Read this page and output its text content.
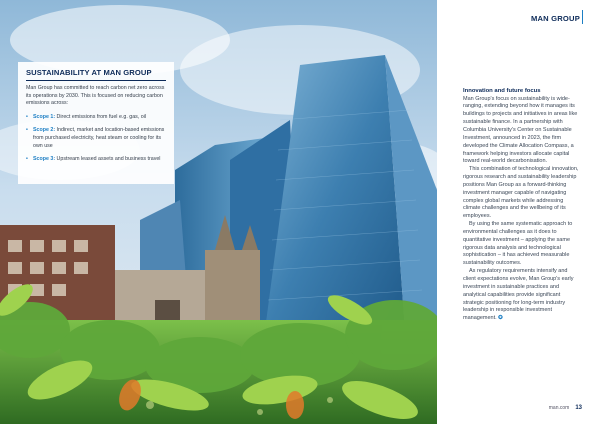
SUSTAINABILITY AT MAN GROUP

Man Group has committed to reach carbon net zero across its operations by 2030. This is focused on reducing carbon emissions across:

• Scope 1: Direct emissions from fuel e.g. gas, oil
• Scope 2: Indirect, market and location-based emissions from purchased electricity, heat steam or cooling for its own use
• Scope 3: Upstream leased assets and business travel
MAN GROUP
Innovation and future focus

Man Group's focus on sustainability is wide-ranging, extending beyond how it manages its buildings to projects and initiatives in areas like sustainable finance. In a partnership with Columbia University's Center on Sustainable Investment, announced in 2023, the firm developed the Climate Allocation Compass, a framework helping investors allocate capital toward real-world decarbonisation.

This combination of technological innovation, rigorous research and sustainability leadership positions Man Group as a forward-thinking investment manager capable of navigating complex global markets while addressing climate challenges and the wellbeing of its employees.

By using the same systematic approach to environmental challenges as it does to quantitative investment – applying the same rigorous data analysis and technological sophistication – it has achieved measurable sustainability outcomes.

As regulatory requirements intensify and client expectations evolve, Man Group's early investment in sustainable practices and analytical capabilities provide significant strategic positioning for long-term industry leadership in responsible investment management. ✪

man.com 13
